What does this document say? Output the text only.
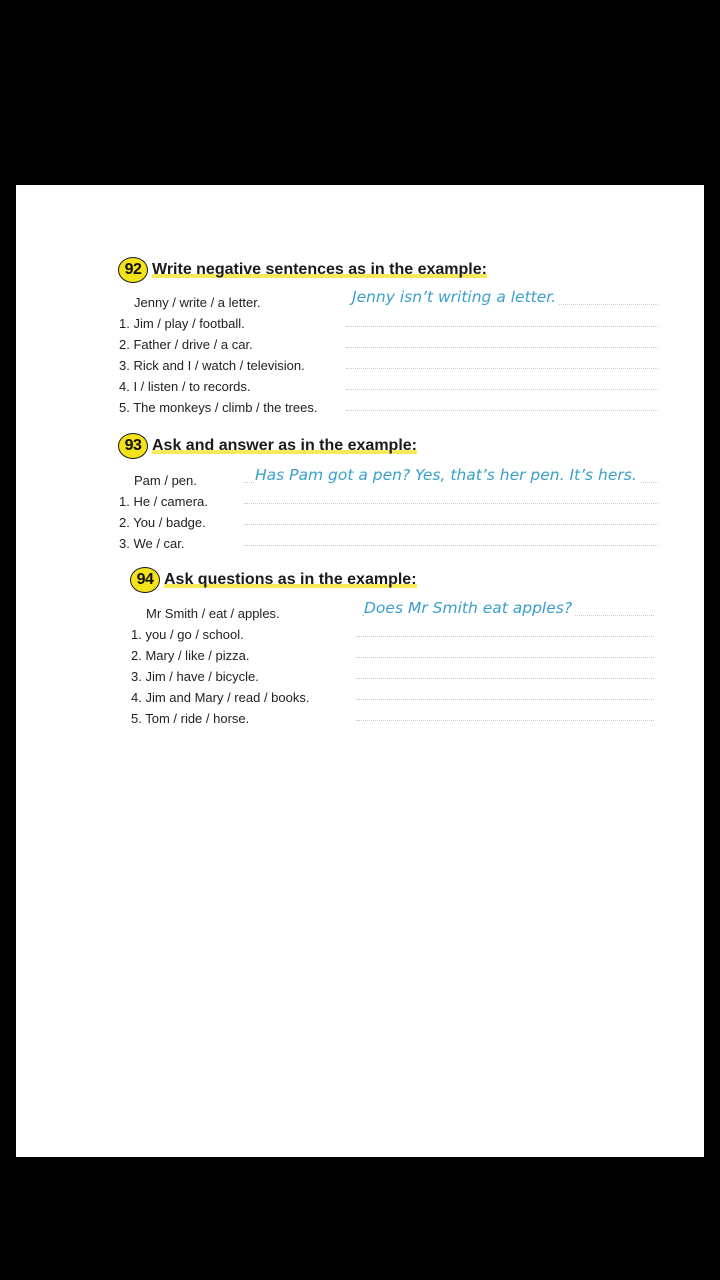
92 Write negative sentences as in the example:
Jenny / write / a letter.	Jenny isn’t writing a letter.
1. Jim / play / football.
2. Father / drive / a car.
3. Rick and I / watch / television.
4. I / listen / to records.
5. The monkeys / climb / the trees.
93 Ask and answer as in the example:
Pam / pen.	Has Pam got a pen? Yes, that’s her pen. It’s hers.
1. He / camera.
2. You / badge.
3. We / car.
94 Ask questions as in the example:
Mr Smith / eat / apples.	Does Mr Smith eat apples?
1. you / go / school.
2. Mary / like / pizza.
3. Jim / have / bicycle.
4. Jim and Mary / read / books.
5. Tom / ride / horse.
